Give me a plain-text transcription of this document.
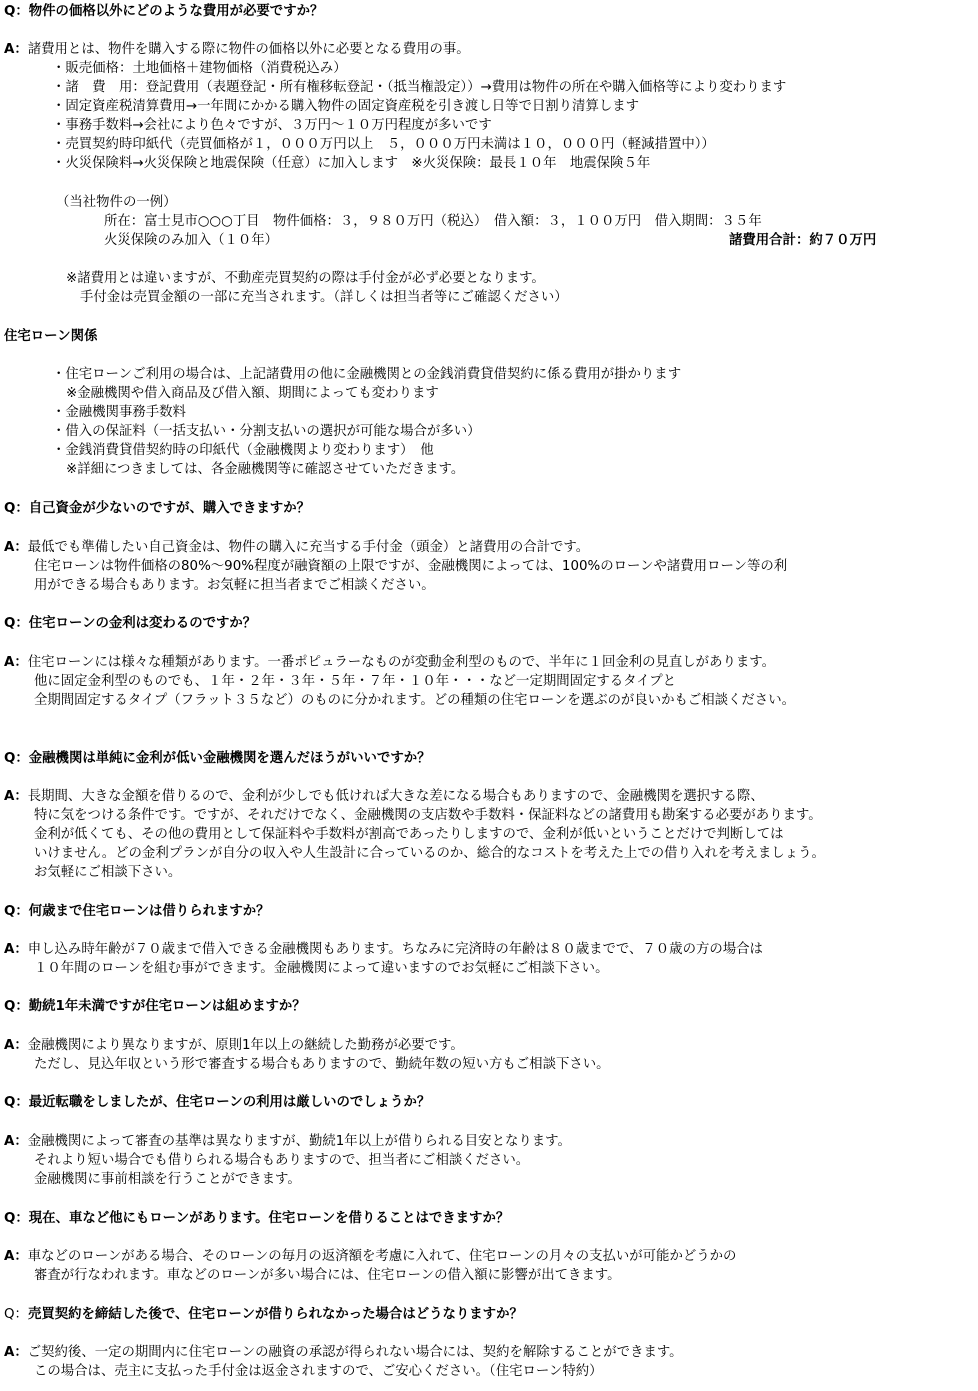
Q：物件の価格以外にどのような費用が必要ですか？
A：諸費用とは、物件を購入する際に物件の価格以外に必要となる費用の事。
・販売価格：土地価格＋建物価格（消費税込み）
・諸　費　用：登記費用（表題登記・所有権移転登記・（抵当権設定））→費用は物件の所在や購入価格等により変わります
・固定資産税清算費用→一年間にかかる購入物件の固定資産税を引き渡し日等で日割り清算します
・事務手数料→会社により色々ですが、３万円～１０万円程度が多いです
・売買契約時印紙代（売買価格が１，０００万円以上　５，０００万円未満は１０，０００円（軽減措置中））
・火災保険料→火災保険と地震保険（任意）に加入します　※火災保険：最長１０年　地震保険５年
（当社物件の一例）
所在：富士見市○○○丁目　物件価格：３，９８０万円（税込）　借入額：３，１００万円　借入期間：３５年
火災保険のみ加入（１０年）	諸費用合計：約７０万円
※諸費用とは違いますが、不動産売買契約の際は手付金が必ず必要となります。
手付金は売買金額の一部に充当されます。（詳しくは担当者等にご確認ください）
住宅ローン関係
・住宅ローンご利用の場合は、上記諸費用の他に金融機関との金銭消費貸借契約に係る費用が掛かります
※金融機関や借入商品及び借入額、期間によっても変わります
・金融機関事務手数料
・借入の保証料（一括支払い・分割支払いの選択が可能な場合が多い）
・金銭消費貸借契約時の印紙代（金融機関より変わります）　他
※詳細につきましては、各金融機関等に確認させていただきます。
Q：自己資金が少ないのですが、購入できますか？
A：最低でも準備したい自己資金は、物件の購入に充当する手付金（頭金）と諸費用の合計です。
住宅ローンは物件価格の80%～90%程度が融資額の上限ですが、金融機関によっては、100%のローンや諸費用ローン等の利
用ができる場合もあります。お気軽に担当者までご相談ください。
Q：住宅ローンの金利は変わるのですか？
A：住宅ローンには様々な種類があります。一番ポピュラーなものが変動金利型のもので、半年に１回金利の見直しがあります。
他に固定金利型のものでも、１年・２年・３年・５年・７年・１０年・・・など一定期間固定するタイプと
全期間固定するタイプ（フラット３５など）のものに分かれます。どの種類の住宅ローンを選ぶのが良いかもご相談ください。
Q：金融機関は単純に金利が低い金融機関を選んだほうがいいですか？
A：長期間、大きな金額を借りるので、金利が少しでも低ければ大きな差になる場合もありますので、金融機関を選択する際、
特に気をつける条件です。ですが、それだけでなく、金融機関の支店数や手数料・保証料などの諸費用も勘案する必要があります。
金利が低くても、その他の費用として保証料や手数料が割高であったりしますので、金利が低いということだけで判断しては
いけません。どの金利プランが自分の収入や人生設計に合っているのか、総合的なコストを考えた上での借り入れを考えましょう。
お気軽にご相談下さい。
Q：何歳まで住宅ローンは借りられますか？
A：申し込み時年齢が７０歳まで借入できる金融機関もあります。ちなみに完済時の年齢は８０歳までで、７０歳の方の場合は
１０年間のローンを組む事ができます。金融機関によって違いますのでお気軽にご相談下さい。
Q：勤続1年未満ですが住宅ローンは組めますか？
A：金融機関により異なりますが、原則1年以上の継続した勤務が必要です。
ただし、見込年収という形で審査する場合もありますので、勤続年数の短い方もご相談下さい。
Q：最近転職をしましたが、住宅ローンの利用は厳しいのでしょうか？
A：金融機関によって審査の基準は異なりますが、勤続1年以上が借りられる目安となります。
それより短い場合でも借りられる場合もありますので、担当者にご相談ください。
金融機関に事前相談を行うことができます。
Q：現在、車など他にもローンがあります。住宅ローンを借りることはできますか？
A：車などのローンがある場合、そのローンの毎月の返済額を考慮に入れて、住宅ローンの月々の支払いが可能かどうかの
審査が行なわれます。車などのローンが多い場合には、住宅ローンの借入額に影響が出てきます。
Q：売買契約を締結した後で、住宅ローンが借りられなかった場合はどうなりますか？
A：ご契約後、一定の期間内に住宅ローンの融資の承認が得られない場合には、契約を解除することができます。
この場合は、売主に支払った手付金は返金されますので、ご安心ください。（住宅ローン特約）
